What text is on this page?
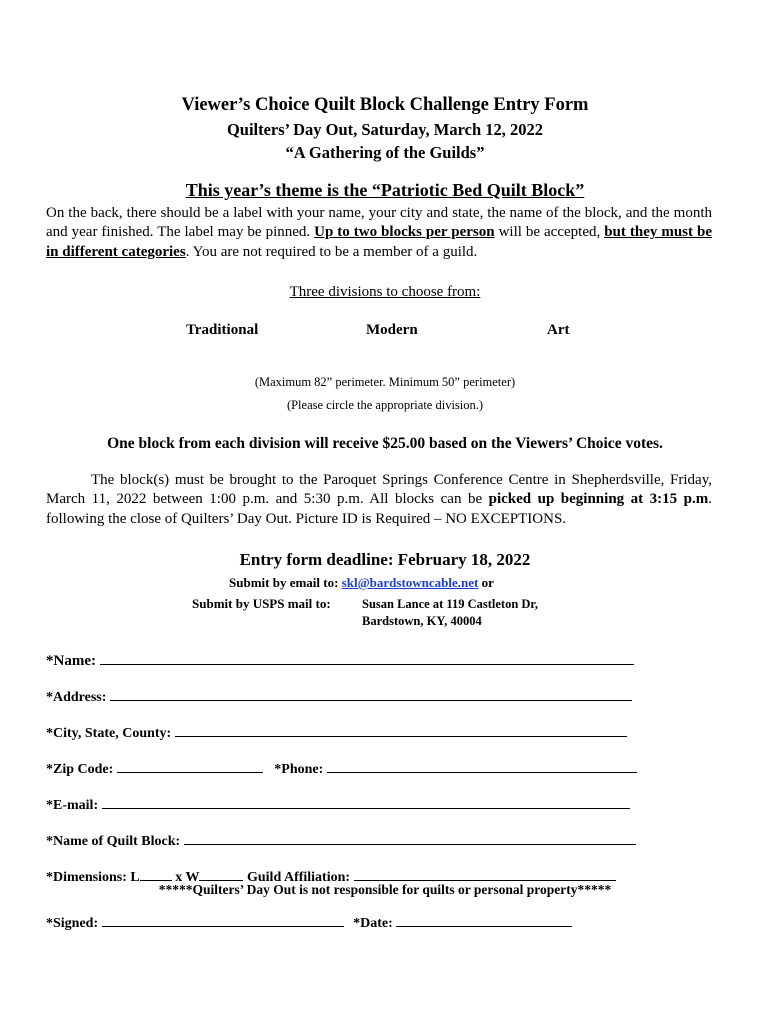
Viewer’s Choice Quilt Block Challenge Entry Form
Quilters’ Day Out, Saturday, March 12, 2022
“A Gathering of the Guilds”
This year’s theme is the “Patriotic Bed Quilt Block”
On the back, there should be a label with your name, your city and state, the name of the block, and the month and year finished. The label may be pinned. Up to two blocks per person will be accepted, but they must be in different categories. You are not required to be a member of a guild.
Three divisions to choose from:
Traditional	Modern	Art
(Maximum 82” perimeter. Minimum 50” perimeter)
(Please circle the appropriate division.)
One block from each division will receive $25.00 based on the Viewers’ Choice votes.
The block(s) must be brought to the Paroquet Springs Conference Centre in Shepherdsville, Friday, March 11, 2022 between 1:00 p.m. and 5:30 p.m. All blocks can be picked up beginning at 3:15 p.m. following the close of Quilters’ Day Out. Picture ID is Required – NO EXCEPTIONS.
Entry form deadline: February 18, 2022
Submit by email to: skl@bardstowncable.net or
Submit by USPS mail to:	Susan Lance at 119 Castleton Dr,
Bardstown, KY, 40004
*Name:
*Address:
*City, State, County:
*Zip Code:	*Phone:
*E-mail:
*Name of Quilt Block:
*Dimensions: L x W	Guild Affiliation:
*****Quilters’ Day Out is not responsible for quilts or personal property*****
*Signed:	*Date:
